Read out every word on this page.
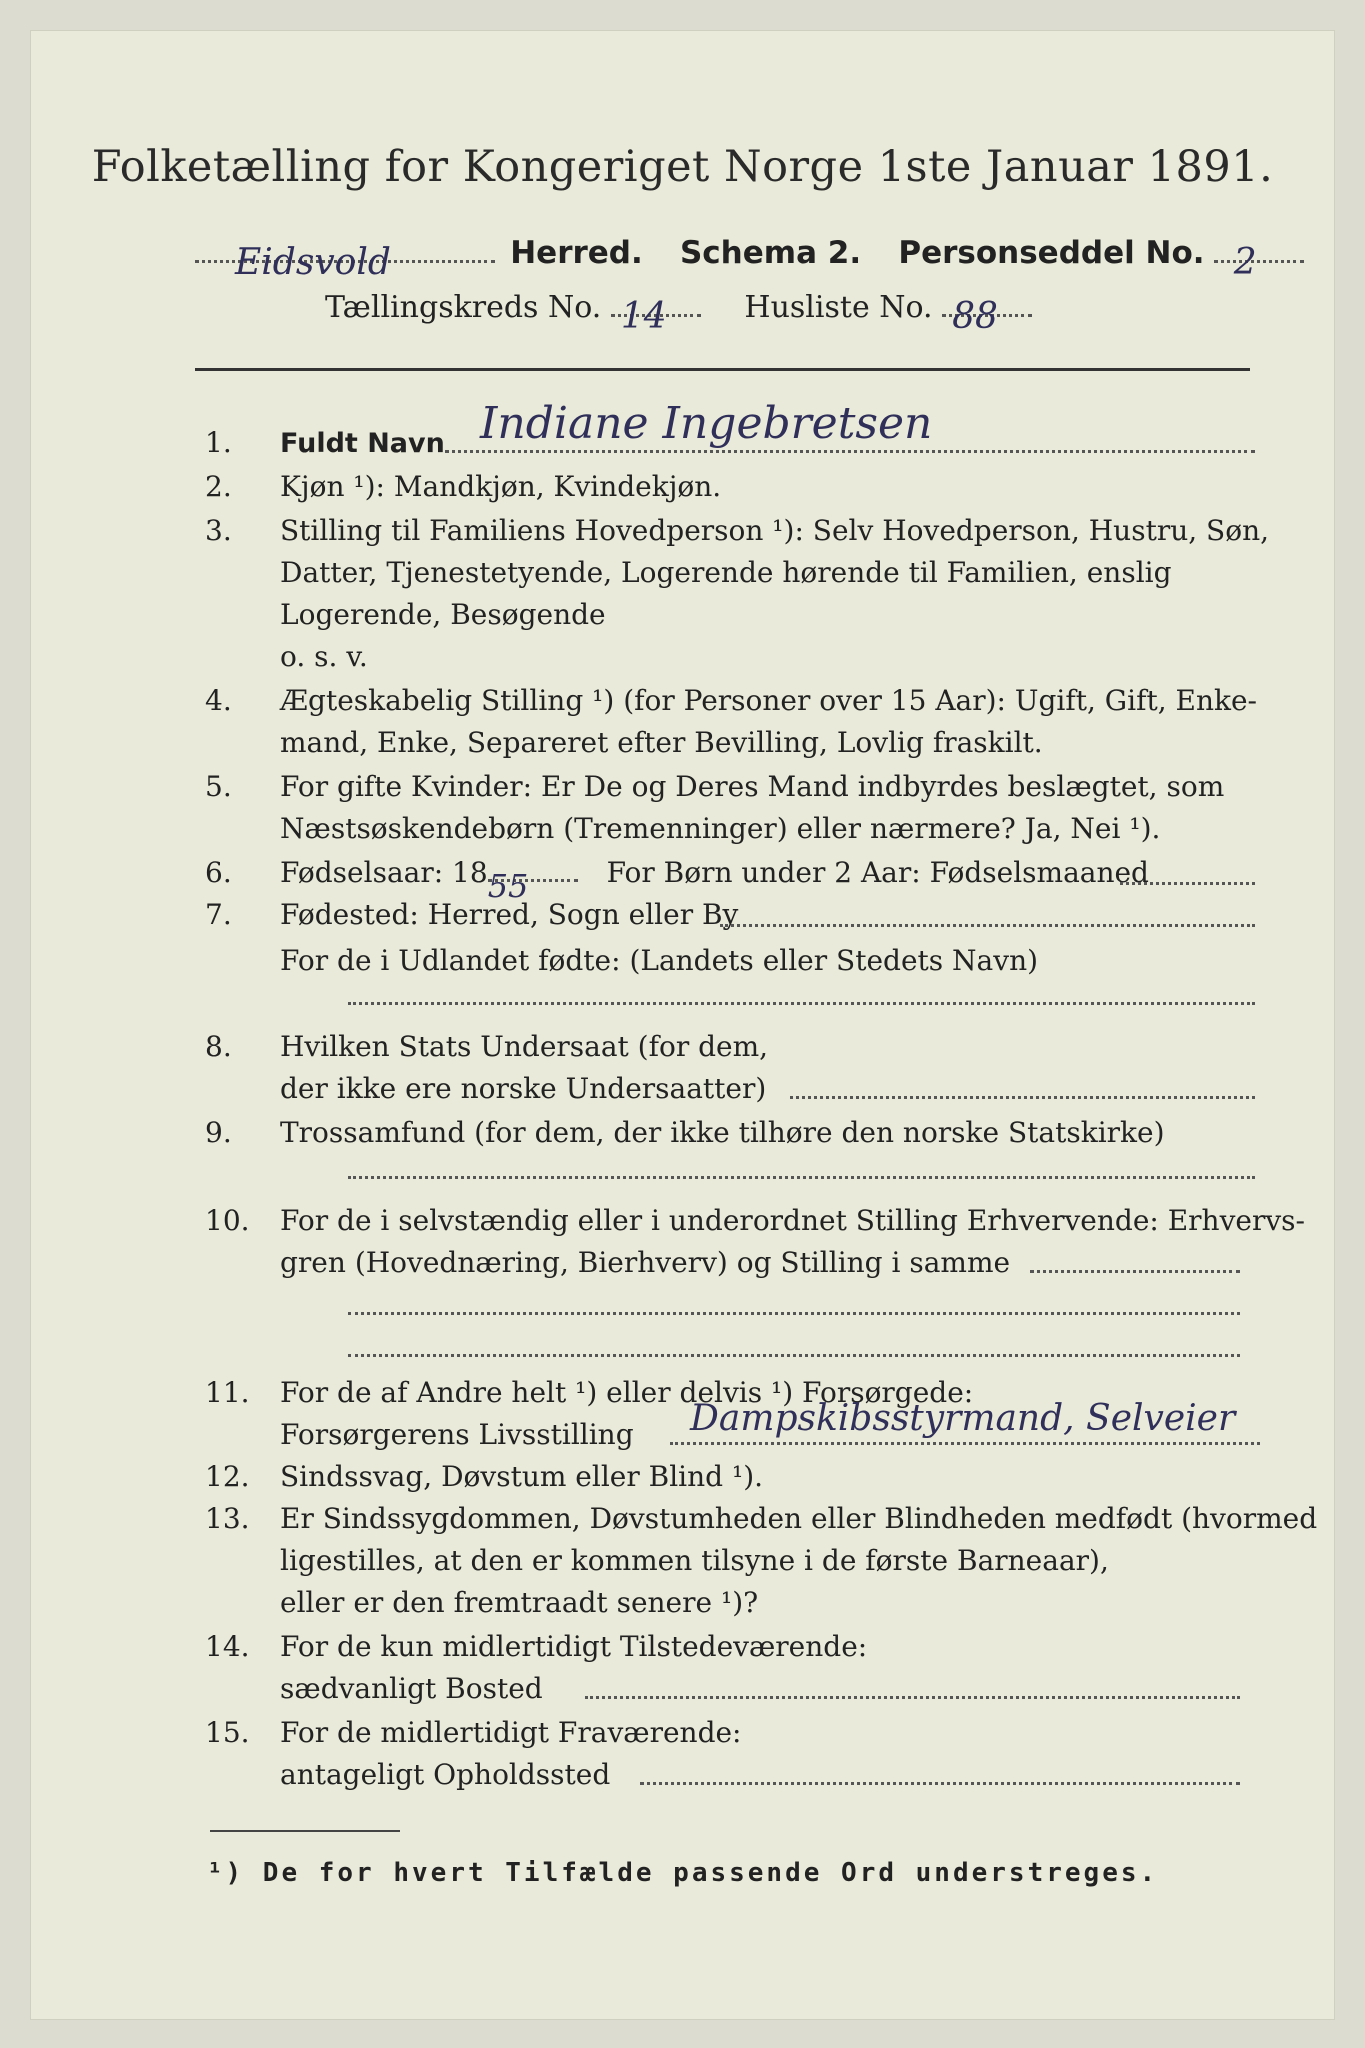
Folketælling for Kongeriget Norge 1ste Januar 1891.
Eidsvold	Herred. Schema 2. Personseddel No. 2
Tællingskreds No. 14	Husliste No. 88
1.	Fuldt Navn Indiane Ingebretsen
2.	Kjøn ¹): Mandkjøn, Kvindekjøn.
3.	Stilling til Familiens Hovedperson ¹): Selv Hovedperson, Hustru, Søn,
Datter, Tjenestetyende, Logerende hørende til Familien, enslig
Logerende, Besøgende
o. s. v.
4.	Ægteskabelig Stilling ¹) (for Personer over 15 Aar): Ugift, Gift, Enke-
mand, Enke, Separeret efter Bevilling, Lovlig fraskilt.
5.	For gifte Kvinder: Er De og Deres Mand indbyrdes beslægtet, som
Næstsøskendebørn (Tremenninger) eller nærmere? Ja, Nei ¹).
6.	Fødselsaar: 18 55	For Børn under 2 Aar: Fødselsmaaned
7.	Fødested: Herred, Sogn eller By
For de i Udlandet fødte: (Landets eller Stedets Navn)
8.	Hvilken Stats Undersaat (for dem,
der ikke ere norske Undersaatter)
9.	Trossamfund (for dem, der ikke tilhøre den norske Statskirke)
10.	For de i selvstændig eller i underordnet Stilling Erhvervende: Erhvervs-
gren (Hovednæring, Bierhverv) og Stilling i samme
11.	For de af Andre helt ¹) eller delvis ¹) Forsørgede:
Forsørgerens Livsstilling Dampskibsstyrmand, Selveier
12.	Sindssvag, Døvstum eller Blind ¹).
13.	Er Sindssygdommen, Døvstumheden eller Blindheden medfødt (hvormed
ligestilles, at den er kommen tilsyne i de første Barneaar),
eller er den fremtraadt senere ¹)?
14.	For de kun midlertidigt Tilstedeværende:
sædvanligt Bosted
15.	For de midlertidigt Fraværende:
antageligt Opholdssted
¹) De for hvert Tilfælde passende Ord understreges.
